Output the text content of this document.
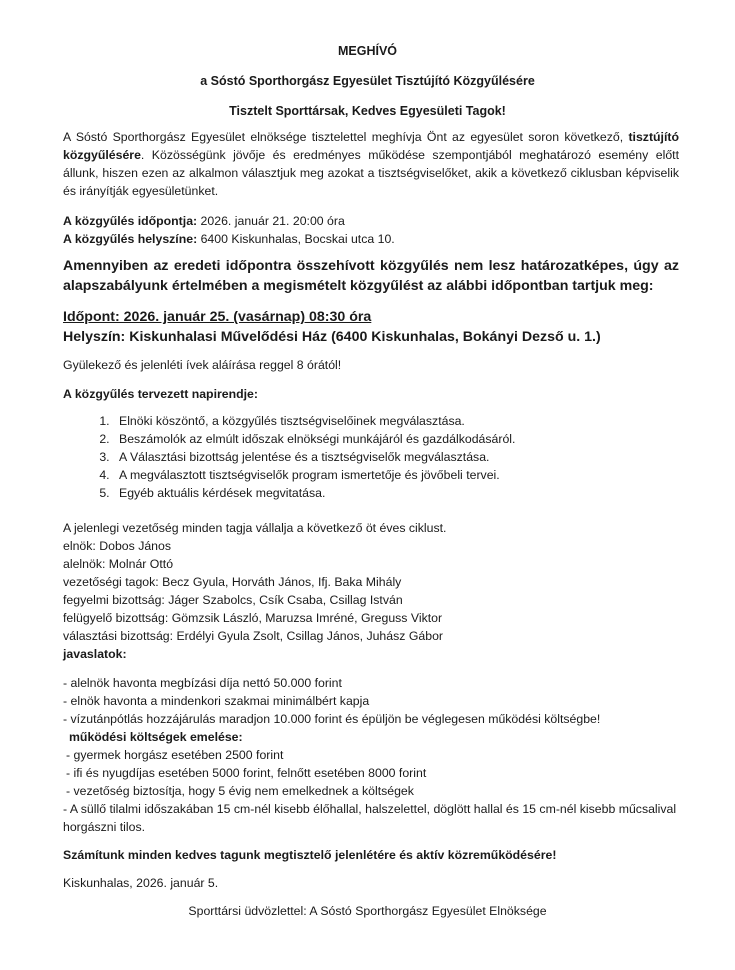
MEGHÍVÓ
a Sóstó Sporthorgász Egyesület Tisztújító Közgyűlésére
Tisztelt Sporttársak, Kedves Egyesületi Tagok!
A Sóstó Sporthorgász Egyesület elnöksége tisztelettel meghívja Önt az egyesület soron következő, tisztújító közgyűlésére. Közösségünk jövője és eredményes működése szempontjából meghatározó esemény előtt állunk, hiszen ezen az alkalmon választjuk meg azokat a tisztségviselőket, akik a következő ciklusban képviselik és irányítják egyesületünket.
A közgyűlés időpontja: 2026. január 21. 20:00 óra
A közgyűlés helyszíne: 6400 Kiskunhalas, Bocskai utca 10.
Amennyiben az eredeti időpontra összehívott közgyűlés nem lesz határozatképes, úgy az alapszabályunk értelmében a megismételt közgyűlést az alábbi időpontban tartjuk meg:
Időpont: 2026. január 25. (vasárnap) 08:30 óra
Helyszín: Kiskunhalasi Művelődési Ház (6400 Kiskunhalas, Bokányi Dezső u. 1.)
Gyülekező és jelenléti ívek aláírása reggel 8 órától!
A közgyűlés tervezett napirendje:
1. Elnöki köszöntő, a közgyűlés tisztségviselőinek megválasztása.
2. Beszámolók az elmúlt időszak elnökségi munkájáról és gazdálkodásáról.
3. A Választási bizottság jelentése és a tisztségviselők megválasztása.
4. A megválasztott tisztségviselők program ismertetője és jövőbeli tervei.
5. Egyéb aktuális kérdések megvitatása.
A jelenlegi vezetőség minden tagja vállalja a következő öt éves ciklust.
elnök: Dobos János
alelnök: Molnár Ottó
vezetőségi tagok: Becz Gyula, Horváth János, Ifj. Baka Mihály
fegyelmi bizottság: Jáger Szabolcs, Csík Csaba, Csillag István
felügyelő bizottság: Gömzsik László, Maruzsa Imréné, Greguss Viktor
választási bizottság: Erdélyi Gyula Zsolt, Csillag János, Juhász Gábor
javaslatok:
- alelnök havonta megbízási díja nettó 50.000 forint
- elnök havonta a mindenkori szakmai minimálbért kapja
- vízutánpótlás hozzájárulás maradjon 10.000 forint és épüljön be véglegesen működési költségbe!
működési költségek emelése:
- gyermek horgász esetében 2500 forint
- ifi és nyugdíjas esetében 5000 forint, felnőtt esetében 8000 forint
- vezetőség biztosítja, hogy 5 évig nem emelkednek a költségek
- A süllő tilalmi időszakában 15 cm-nél kisebb élőhallal, halszelettel, döglött hallal és 15 cm-nél kisebb műcsalival horgászni tilos.
Számítunk minden kedves tagunk megtisztelő jelenlétére és aktív közreműködésére!
Kiskunhalas, 2026. január 5.
Sporttársi üdvözlettel: A Sóstó Sporthorgász Egyesület Elnöksége
